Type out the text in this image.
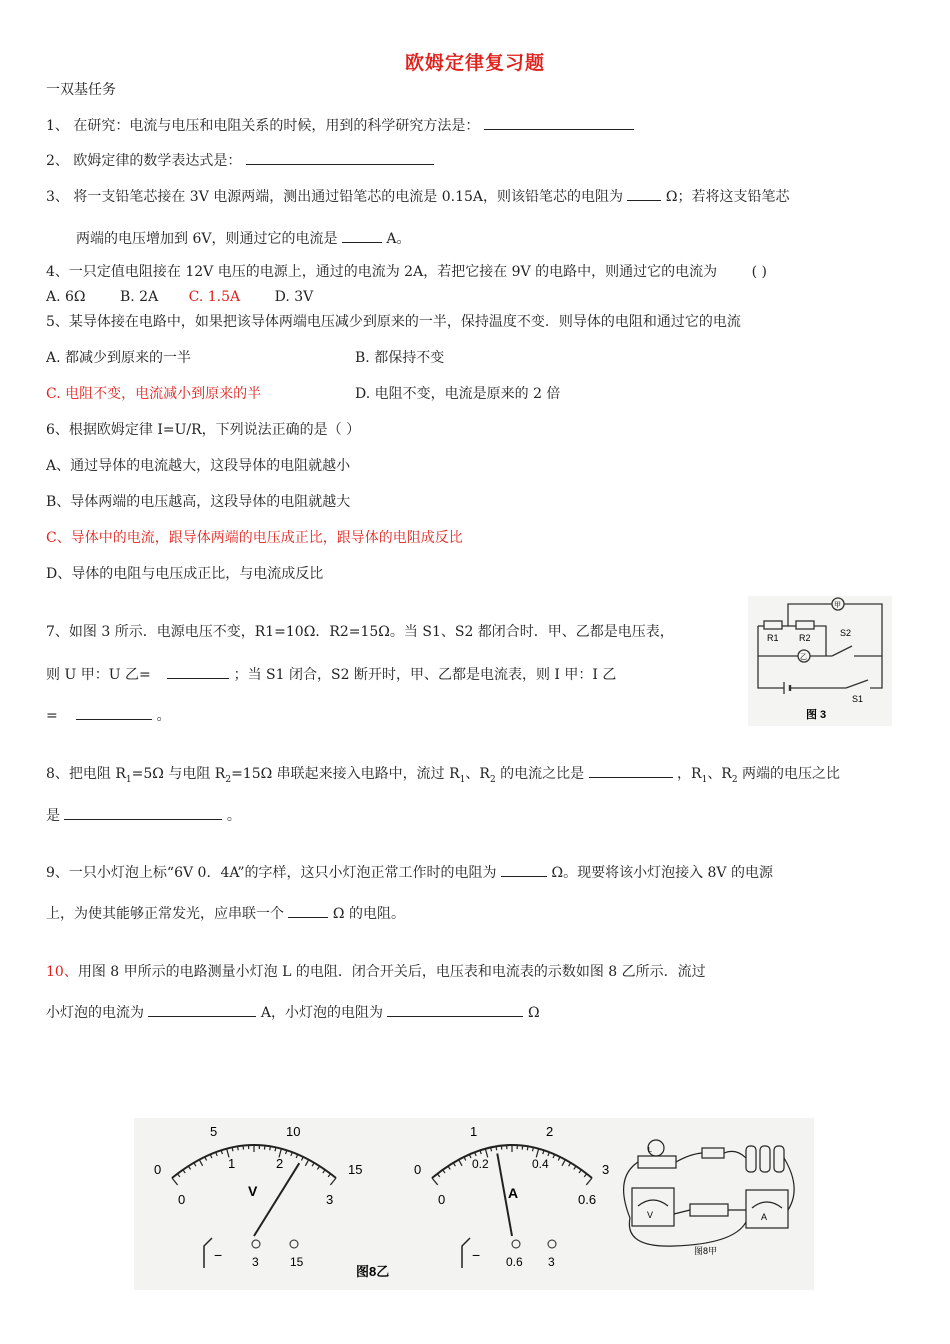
欧姆定律复习题
一双基任务
1、 在研究：电流与电压和电阻关系的时候，用到的科学研究方法是：
2、 欧姆定律的数学表达式是：
3、 将一支铅笔芯接在 3V 电源两端，测出通过铅笔芯的电流是 0.15A，则该铅笔芯的电阻为	Ω；若将这支铅笔芯
两端的电压增加到 6V，则通过它的电流是	A。
4、一只定值电阻接在 12V 电压的电源上，通过的电流为 2A，若把它接在 9V 的电路中，则通过它的电流为 ( )
A. 6Ω B. 2A C. 1.5A D. 3V
5、某导体接在电路中，如果把该导体两端电压减少到原来的一半，保持温度不变．则导体的电阻和通过它的电流
A. 都减少到原来的一半	B. 都保持不变
C. 电阻不变，电流减小到原来的半	D. 电阻不变，电流是原来的 2 倍
6、根据欧姆定律 I=U/R，下列说法正确的是（ ）
A、通过导体的电流越大，这段导体的电阻就越小
B、导体两端的电压越高，这段导体的电阻就越大
C、导体中的电流，跟导体两端的电压成正比，跟导体的电阻成反比
D、导体的电阻与电压成正比，与电流成反比
7、如图 3 所示．电源电压不变，R1=10Ω．R2=15Ω。当 S1、S2 都闭合时．甲、乙都是电压表，
则 U 甲：U 乙=	；当 S1 闭合，S2 断开时，甲、乙都是电流表，则 I 甲：I 乙
=	。
R1 R2	S2
S1
甲
乙
图 3
8、把电阻 $R_1=5\Omega$ 与电阻 $R_2=15\Omega$ 串联起来接入电路中，流过 $R_1$、$R_2$ 的电流之比是	，$R_1$、$R_2$ 两端的电压之比
是	。
9、一只小灯泡上标“6V 0．4A”的字样，这只小灯泡正常工作时的电阻为	Ω。现要将该小灯泡接入 8V 的电源
上，为使其能够正常发光，应串联一个	Ω 的电阻。
10、用图 8 甲所示的电路测量小灯泡 L 的电阻．闭合开关后，电压表和电流表的示数如图 8 乙所示．流过
小灯泡的电流为	A，小灯泡的电阻为	Ω
0
5	10
15
0
1	2
3
V
− 3	15
0
1	2
3
0
0.2	0.4
0.6
A
− 0.6 3
图8乙
L
V	A
图8甲
